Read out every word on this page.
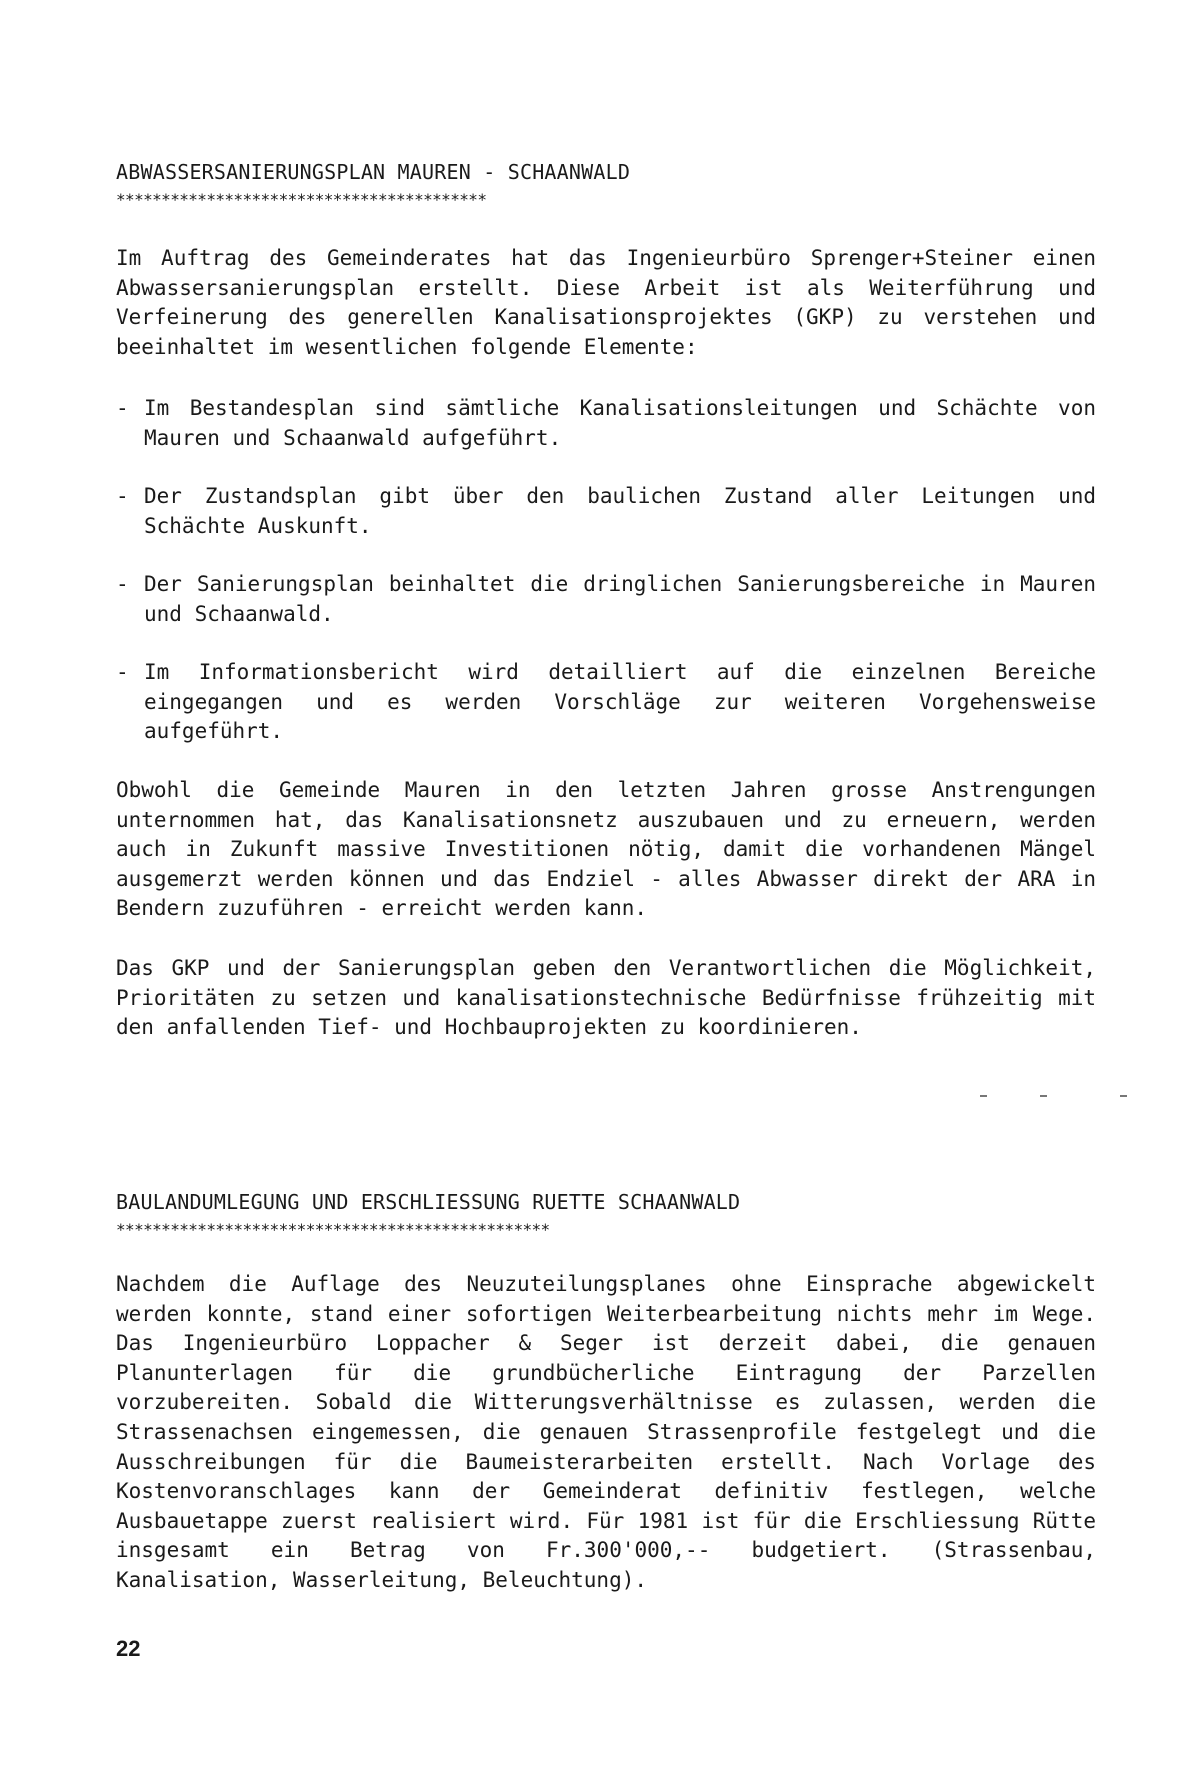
ABWASSERSANIERUNGSPLAN MAUREN - SCHAANWALD
*****************************************

Im Auftrag des Gemeinderates hat das Ingenieurbüro Sprenger+Steiner einen Abwassersanierungsplan erstellt. Diese Arbeit ist als Weiterführung und Verfeinerung des generellen Kanalisationsprojektes (GKP) zu verstehen und beeinhaltet im wesentlichen folgende Elemente:

- Im Bestandesplan sind sämtliche Kanalisationsleitungen und Schächte von Mauren und Schaanwald aufgeführt.
- Der Zustandsplan gibt über den baulichen Zustand aller Leitungen und Schächte Auskunft.
- Der Sanierungsplan beinhaltet die dringlichen Sanierungsbereiche in Mauren und Schaanwald.
- Im Informationsbericht wird detailliert auf die einzelnen Bereiche eingegangen und es werden Vorschläge zur weiteren Vorgehensweise aufgeführt.

Obwohl die Gemeinde Mauren in den letzten Jahren grosse Anstrengungen unternommen hat, das Kanalisationsnetz auszubauen und zu erneuern, werden auch in Zukunft massive Investitionen nötig, damit die vorhandenen Mängel ausgemerzt werden können und das Endziel - alles Abwasser direkt der ARA in Bendern zuzuführen - erreicht werden kann.

Das GKP und der Sanierungsplan geben den Verantwortlichen die Möglichkeit, Prioritäten zu setzen und kanalisationstechnische Bedürfnisse frühzeitig mit den anfallenden Tief- und Hochbauprojekten zu koordinieren.

BAULANDUMLEGUNG UND ERSCHLIESSUNG RUETTE SCHAANWALD
************************************************

Nachdem die Auflage des Neuzuteilungsplanes ohne Einsprache abgewickelt werden konnte, stand einer sofortigen Weiterbearbeitung nichts mehr im Wege. Das Ingenieurbüro Loppacher & Seger ist derzeit dabei, die genauen Planunterlagen für die grundbücherliche Eintragung der Parzellen vorzubereiten. Sobald die Witterungsverhältnisse es zulassen, werden die Strassenachsen eingemessen, die genauen Strassenprofile festgelegt und die Ausschreibungen für die Baumeisterarbeiten erstellt. Nach Vorlage des Kostenvoranschlages kann der Gemeinderat definitiv festlegen, welche Ausbauetappe zuerst realisiert wird. Für 1981 ist für die Erschliessung Rütte insgesamt ein Betrag von Fr.300'000,-- budgetiert. (Strassenbau, Kanalisation, Wasserleitung, Beleuchtung).

22
